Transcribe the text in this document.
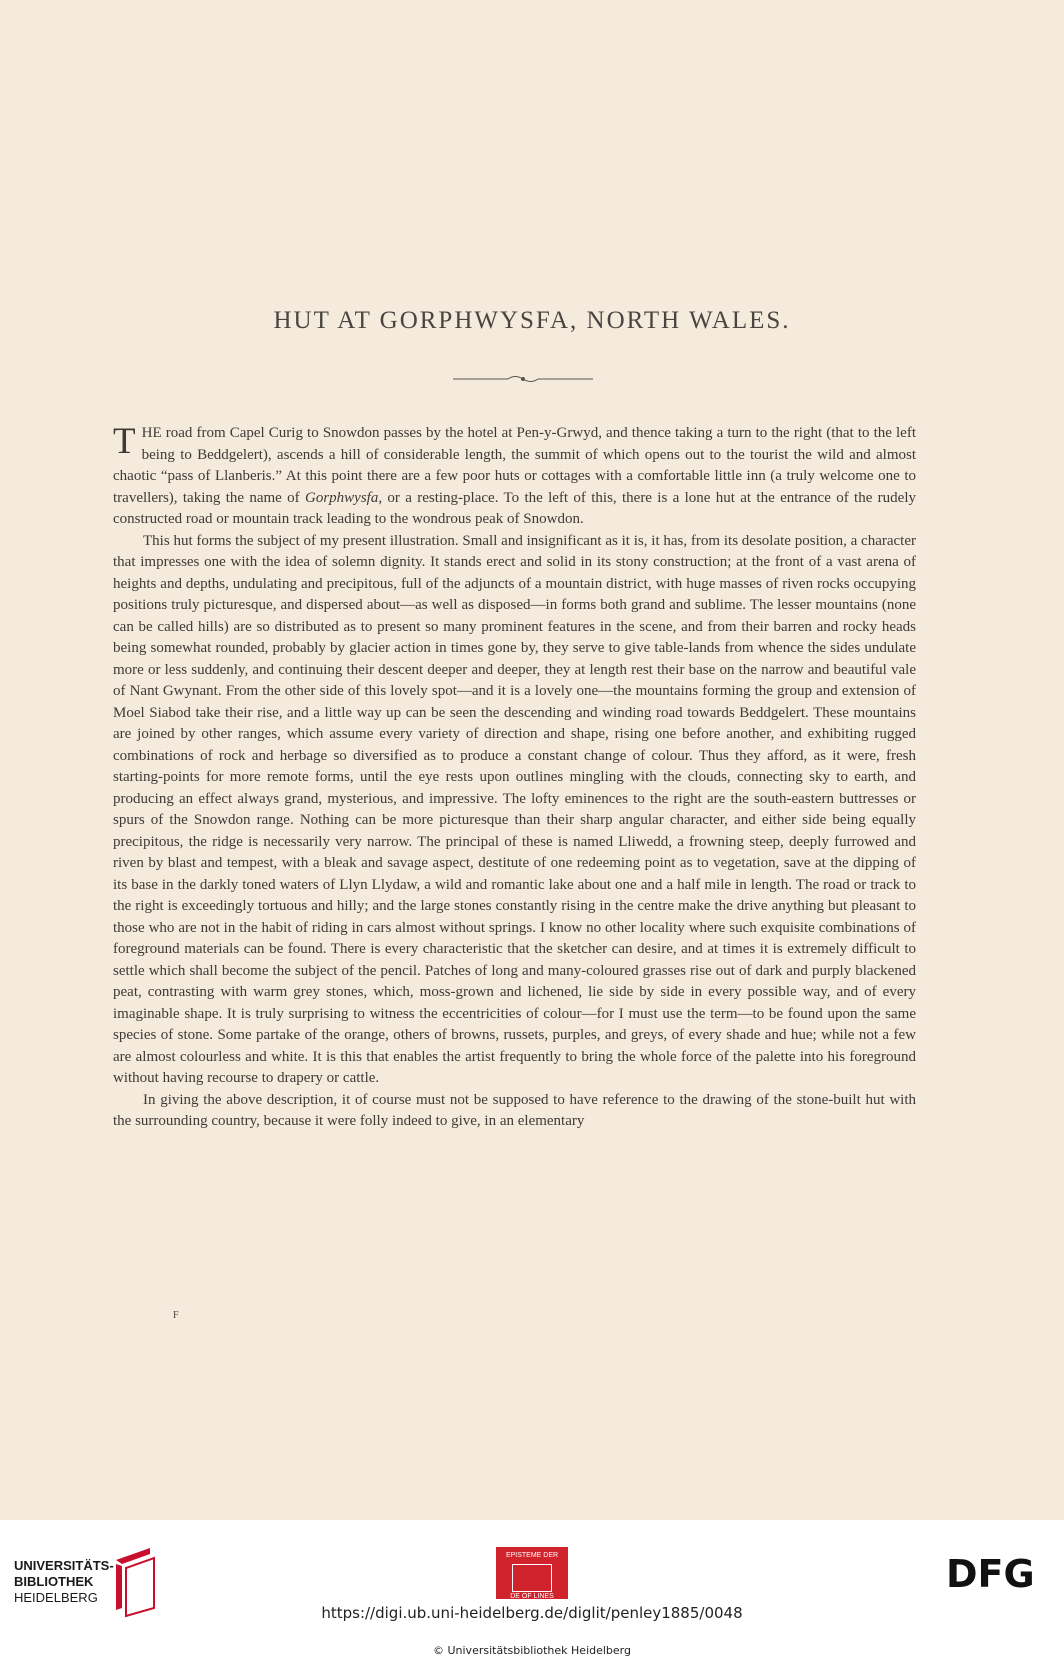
HUT AT GORPHWYSFA, NORTH WALES.

THE road from Capel Curig to Snowdon passes by the hotel at Pen-y-Grwyd, and thence taking a turn to the right (that to the left being to Beddgelert), ascends a hill of considerable length, the summit of which opens out to the tourist the wild and almost chaotic “pass of Llanberis.” At this point there are a few poor huts or cottages with a comfortable little inn (a truly welcome one to travellers), taking the name of Gorphwysfa, or a resting-place. To the left of this, there is a lone hut at the entrance of the rudely constructed road or mountain track leading to the wondrous peak of Snowdon.

This hut forms the subject of my present illustration. Small and insignificant as it is, it has, from its desolate position, a character that impresses one with the idea of solemn dignity. It stands erect and solid in its stony construction; at the front of a vast arena of heights and depths, undulating and precipitous, full of the adjuncts of a mountain district, with huge masses of riven rocks occupying positions truly picturesque, and dispersed about—as well as disposed—in forms both grand and sublime. The lesser mountains (none can be called hills) are so distributed as to present so many prominent features in the scene, and from their barren and rocky heads being somewhat rounded, probably by glacier action in times gone by, they serve to give table-lands from whence the sides undulate more or less suddenly, and continuing their descent deeper and deeper, they at length rest their base on the narrow and beautiful vale of Nant Gwynant. From the other side of this lovely spot—and it is a lovely one—the mountains forming the group and extension of Moel Siabod take their rise, and a little way up can be seen the descending and winding road towards Beddgelert. These mountains are joined by other ranges, which assume every variety of direction and shape, rising one before another, and exhibiting rugged combinations of rock and herbage so diversified as to produce a constant change of colour. Thus they afford, as it were, fresh starting-points for more remote forms, until the eye rests upon outlines mingling with the clouds, connecting sky to earth, and producing an effect always grand, mysterious, and impressive. The lofty eminences to the right are the south-eastern buttresses or spurs of the Snowdon range. Nothing can be more picturesque than their sharp angular character, and either side being equally precipitous, the ridge is necessarily very narrow. The principal of these is named Lliwedd, a frowning steep, deeply furrowed and riven by blast and tempest, with a bleak and savage aspect, destitute of one redeeming point as to vegetation, save at the dipping of its base in the darkly toned waters of Llyn Llydaw, a wild and romantic lake about one and a half mile in length. The road or track to the right is exceedingly tortuous and hilly; and the large stones constantly rising in the centre make the drive anything but pleasant to those who are not in the habit of riding in cars almost without springs. I know no other locality where such exquisite combinations of foreground materials can be found. There is every characteristic that the sketcher can desire, and at times it is extremely difficult to settle which shall become the subject of the pencil. Patches of long and many-coloured grasses rise out of dark and purply blackened peat, contrasting with warm grey stones, which, moss-grown and lichened, lie side by side in every possible way, and of every imaginable shape. It is truly surprising to witness the eccentricities of colour—for I must use the term—to be found upon the same species of stone. Some partake of the orange, others of browns, russets, purples, and greys, of every shade and hue; while not a few are almost colourless and white. It is this that enables the artist frequently to bring the whole force of the palette into his foreground without having recourse to drapery or cattle.

In giving the above description, it of course must not be supposed to have reference to the drawing of the stone-built hut with the surrounding country, because it were folly indeed to give, in an elementary

F
UNIVERSITÄTS-
BIBLIOTHEK
HEIDELBERG
EPISTEME DER
DE OF LINES
DFG
https://digi.ub.uni-heidelberg.de/diglit/penley1885/0048
© Universitätsbibliothek Heidelberg
